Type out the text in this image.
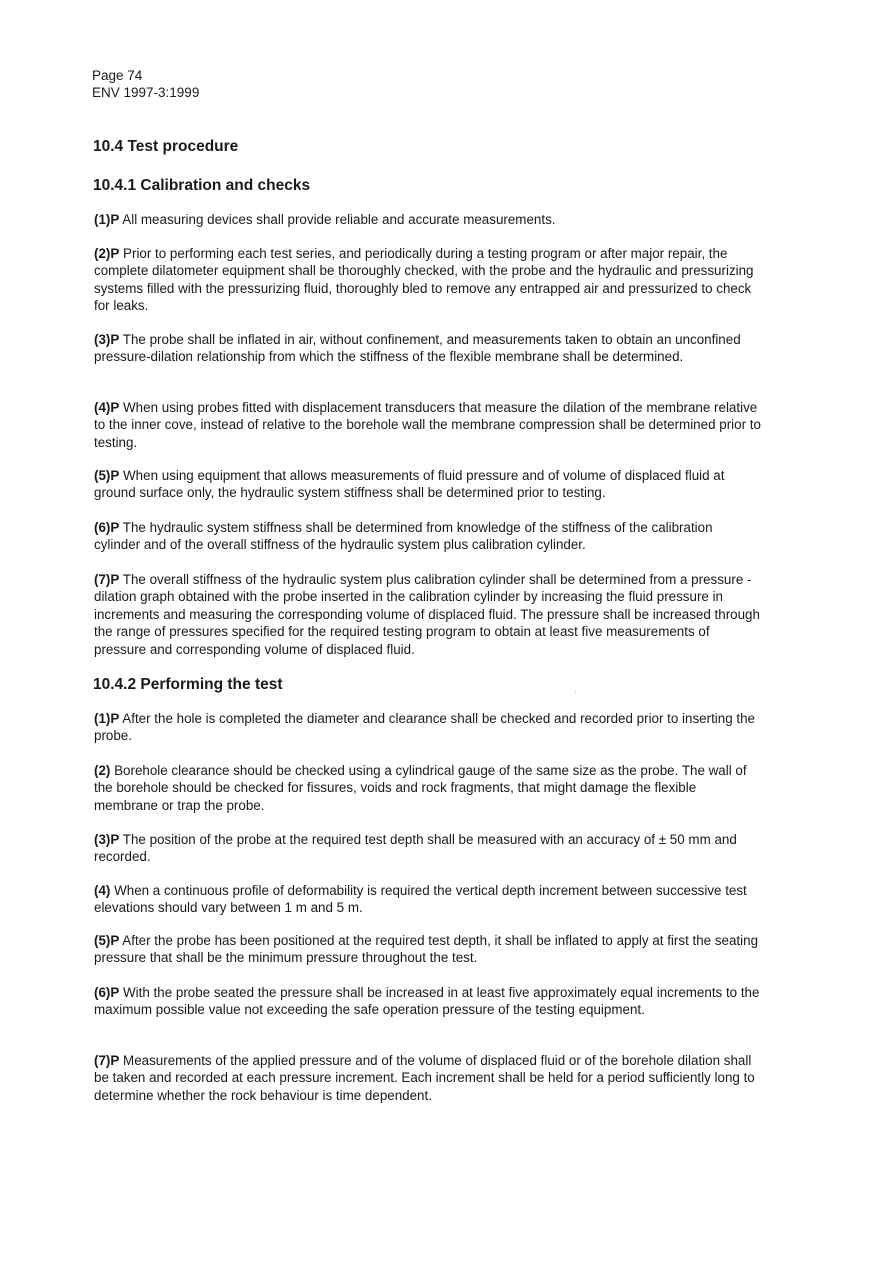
Page 74
ENV 1997-3:1999
10.4 Test procedure
10.4.1 Calibration and checks
(1)P All measuring devices shall provide reliable and accurate measurements.
(2)P Prior to performing each test series, and periodically during a testing program or after major repair, the complete dilatometer equipment shall be thoroughly checked, with the probe and the hydraulic and pressurizing systems filled with the pressurizing fluid, thoroughly bled to remove any entrapped air and pressurized to check for leaks.
(3)P The probe shall be inflated in air, without confinement, and measurements taken to obtain an unconfined pressure-dilation relationship from which the stiffness of the flexible membrane shall be determined.
(4)P When using probes fitted with displacement transducers that measure the dilation of the membrane relative to the inner cove, instead of relative to the borehole wall the membrane compression shall be determined prior to testing.
(5)P When using equipment that allows measurements of fluid pressure and of volume of displaced fluid at ground surface only, the hydraulic system stiffness shall be determined prior to testing.
(6)P The hydraulic system stiffness shall be determined from knowledge of the stiffness of the calibration cylinder and of the overall stiffness of the hydraulic system plus calibration cylinder.
(7)P The overall stiffness of the hydraulic system plus calibration cylinder shall be determined from a pressure - dilation graph obtained with the probe inserted in the calibration cylinder by increasing the fluid pressure in increments and measuring the corresponding volume of displaced fluid. The pressure shall be increased through the range of pressures specified for the required testing program to obtain at least five measurements of pressure and corresponding volume of displaced fluid.
10.4.2 Performing the test
(1)P After the hole is completed the diameter and clearance shall be checked and recorded prior to inserting the probe.
(2) Borehole clearance should be checked using a cylindrical gauge of the same size as the probe. The wall of the borehole should be checked for fissures, voids and rock fragments, that might damage the flexible membrane or trap the probe.
(3)P The position of the probe at the required test depth shall be measured with an accuracy of ± 50 mm and recorded.
(4) When a continuous profile of deformability is required the vertical depth increment between successive test elevations should vary between 1 m and 5 m.
(5)P After the probe has been positioned at the required test depth, it shall be inflated to apply at first the seating pressure that shall be the minimum pressure throughout the test.
(6)P With the probe seated the pressure shall be increased in at least five approximately equal increments to the maximum possible value not exceeding the safe operation pressure of the testing equipment.
(7)P Measurements of the applied pressure and of the volume of displaced fluid or of the borehole dilation shall be taken and recorded at each pressure increment. Each increment shall be held for a period sufficiently long to determine whether the rock behaviour is time dependent.
